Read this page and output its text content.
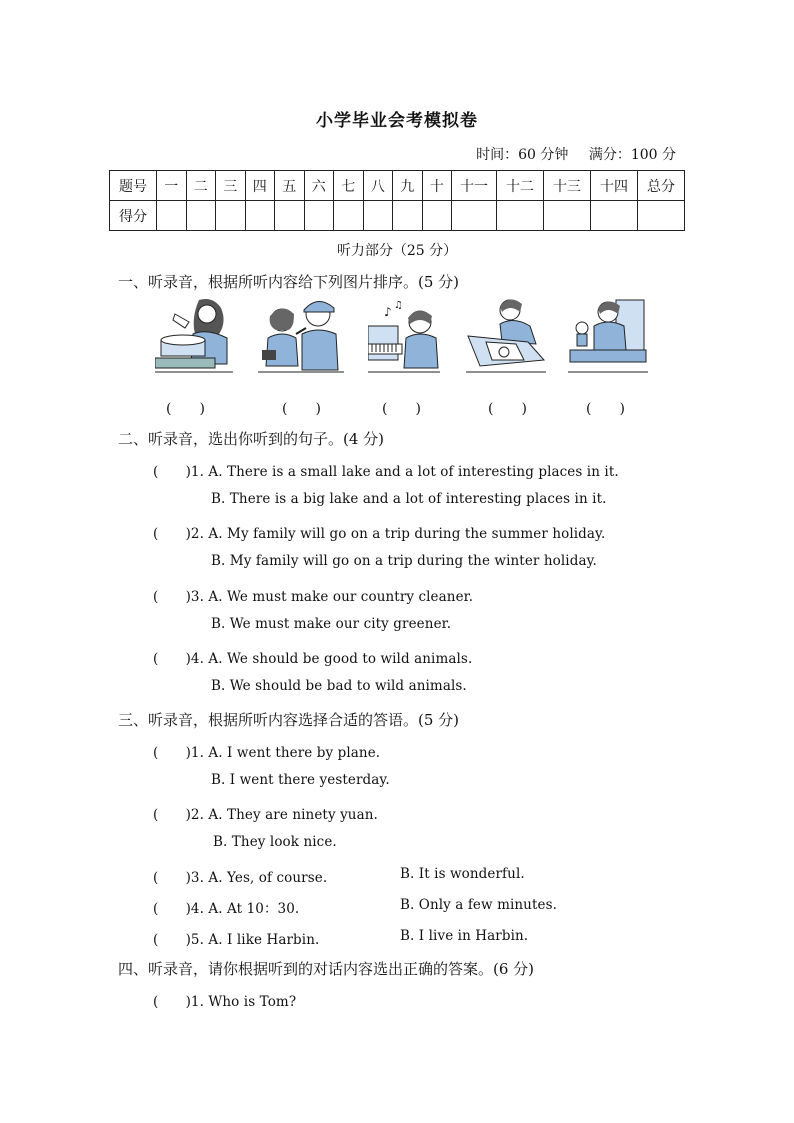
小学毕业会考模拟卷
时间：60 分钟 满分：100 分
题号	一	二	三	四	五	六	七	八	九	十	十一	十二	十三	十四	总分
得分															
听力部分（25 分）
一、听录音，根据所听内容给下列图片排序。(5 分)
♪ ♫
(　　)	(　　)	(　　)	(　　)	(　　)
二、听录音，选出你听到的句子。(4 分)
(　　)1. A. There is a small lake and a lot of interesting places in it.
B. There is a big lake and a lot of interesting places in it.
(　　)2. A. My family will go on a trip during the summer holiday.
B. My family will go on a trip during the winter holiday.
(　　)3. A. We must make our country cleaner.
B. We must make our city greener.
(　　)4. A. We should be good to wild animals.
B. We should be bad to wild animals.
三、听录音，根据所听内容选择合适的答语。(5 分)
(　　)1. A. I went there by plane.
B. I went there yesterday.
(　　)2. A. They are ninety yuan.
B. They look nice.
(　　)3. A. Yes, of course.	B. It is wonderful.
(　　)4. A. At 10：30.	B. Only a few minutes.
(　　)5. A. I like Harbin.	B. I live in Harbin.
四、听录音，请你根据听到的对话内容选出正确的答案。(6 分)
(　　)1. Who is Tom?
